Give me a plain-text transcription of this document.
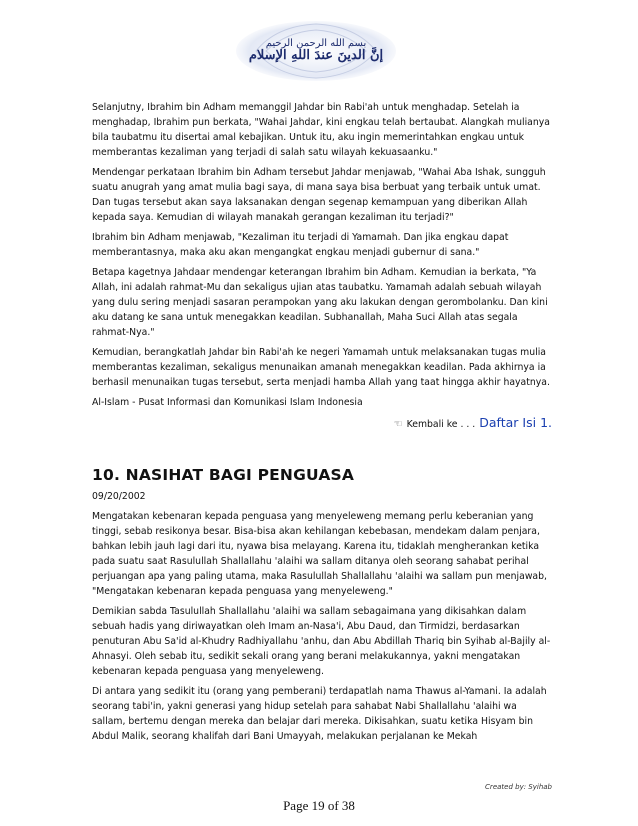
بسم الله الرحمن الرحيم
إنَّ الدينَ عندَ اللهِ الإسلام

Selanjutny, Ibrahim bin Adham memanggil Jahdar bin Rabi'ah untuk menghadap. Setelah ia menghadap, Ibrahim pun berkata, "Wahai Jahdar, kini engkau telah bertaubat. Alangkah mulianya bila taubatmu itu disertai amal kebajikan. Untuk itu, aku ingin memerintahkan engkau untuk memberantas kezaliman yang terjadi di salah satu wilayah kekuasaanku."

Mendengar perkataan Ibrahim bin Adham tersebut Jahdar menjawab, "Wahai Aba Ishak, sungguh suatu anugrah yang amat mulia bagi saya, di mana saya bisa berbuat yang terbaik untuk umat. Dan tugas tersebut akan saya laksanakan dengan segenap kemampuan yang diberikan Allah kepada saya. Kemudian di wilayah manakah gerangan kezaliman itu terjadi?"

Ibrahim bin Adham menjawab, "Kezaliman itu terjadi di Yamamah. Dan jika engkau dapat memberantasnya, maka aku akan mengangkat engkau menjadi gubernur di sana."

Betapa kagetnya Jahdaar mendengar keterangan Ibrahim bin Adham. Kemudian ia berkata, "Ya Allah, ini adalah rahmat-Mu dan sekaligus ujian atas taubatku. Yamamah adalah sebuah wilayah yang dulu sering menjadi sasaran perampokan yang aku lakukan dengan gerombolanku. Dan kini aku datang ke sana untuk menegakkan keadilan. Subhanallah, Maha Suci Allah atas segala rahmat-Nya."

Kemudian, berangkatlah Jahdar bin Rabi'ah ke negeri Yamamah untuk melaksanakan tugas mulia memberantas kezaliman, sekaligus menunaikan amanah menegakkan keadilan. Pada akhirnya ia berhasil menunaikan tugas tersebut, serta menjadi hamba Allah yang taat hingga akhir hayatnya.

Al-Islam - Pusat Informasi dan Komunikasi Islam Indonesia

☜ Kembali ke . . . Daftar Isi 1.
10. NASIHAT BAGI PENGUASA

09/20/2002

Mengatakan kebenaran kepada penguasa yang menyeleweng memang perlu keberanian yang tinggi, sebab resikonya besar. Bisa-bisa akan kehilangan kebebasan, mendekam dalam penjara, bahkan lebih jauh lagi dari itu, nyawa bisa melayang. Karena itu, tidaklah mengherankan ketika pada suatu saat Rasulullah Shallallahu 'alaihi wa sallam ditanya oleh seorang sahabat perihal perjuangan apa yang paling utama, maka Rasulullah Shallallahu 'alaihi wa sallam pun menjawab, "Mengatakan kebenaran kepada penguasa yang menyeleweng."

Demikian sabda Tasulullah Shallallahu 'alaihi wa sallam sebagaimana yang dikisahkan dalam sebuah hadis yang diriwayatkan oleh Imam an-Nasa'i, Abu Daud, dan Tirmidzi, berdasarkan penuturan Abu Sa'id al-Khudry Radhiyallahu 'anhu, dan Abu Abdillah Thariq bin Syihab al-Bajily al-Ahnasyi. Oleh sebab itu, sedikit sekali orang yang berani melakukannya, yakni mengatakan kebenaran kepada penguasa yang menyeleweng.

Di antara yang sedikit itu (orang yang pemberani) terdapatlah nama Thawus al-Yamani. Ia adalah seorang tabi'in, yakni generasi yang hidup setelah para sahabat Nabi Shallallahu 'alaihi wa sallam, bertemu dengan mereka dan belajar dari mereka. Dikisahkan, suatu ketika Hisyam bin Abdul Malik, seorang khalifah dari Bani Umayyah, melakukan perjalanan ke Mekah

Created by: Syihab
Page 19 of 38
